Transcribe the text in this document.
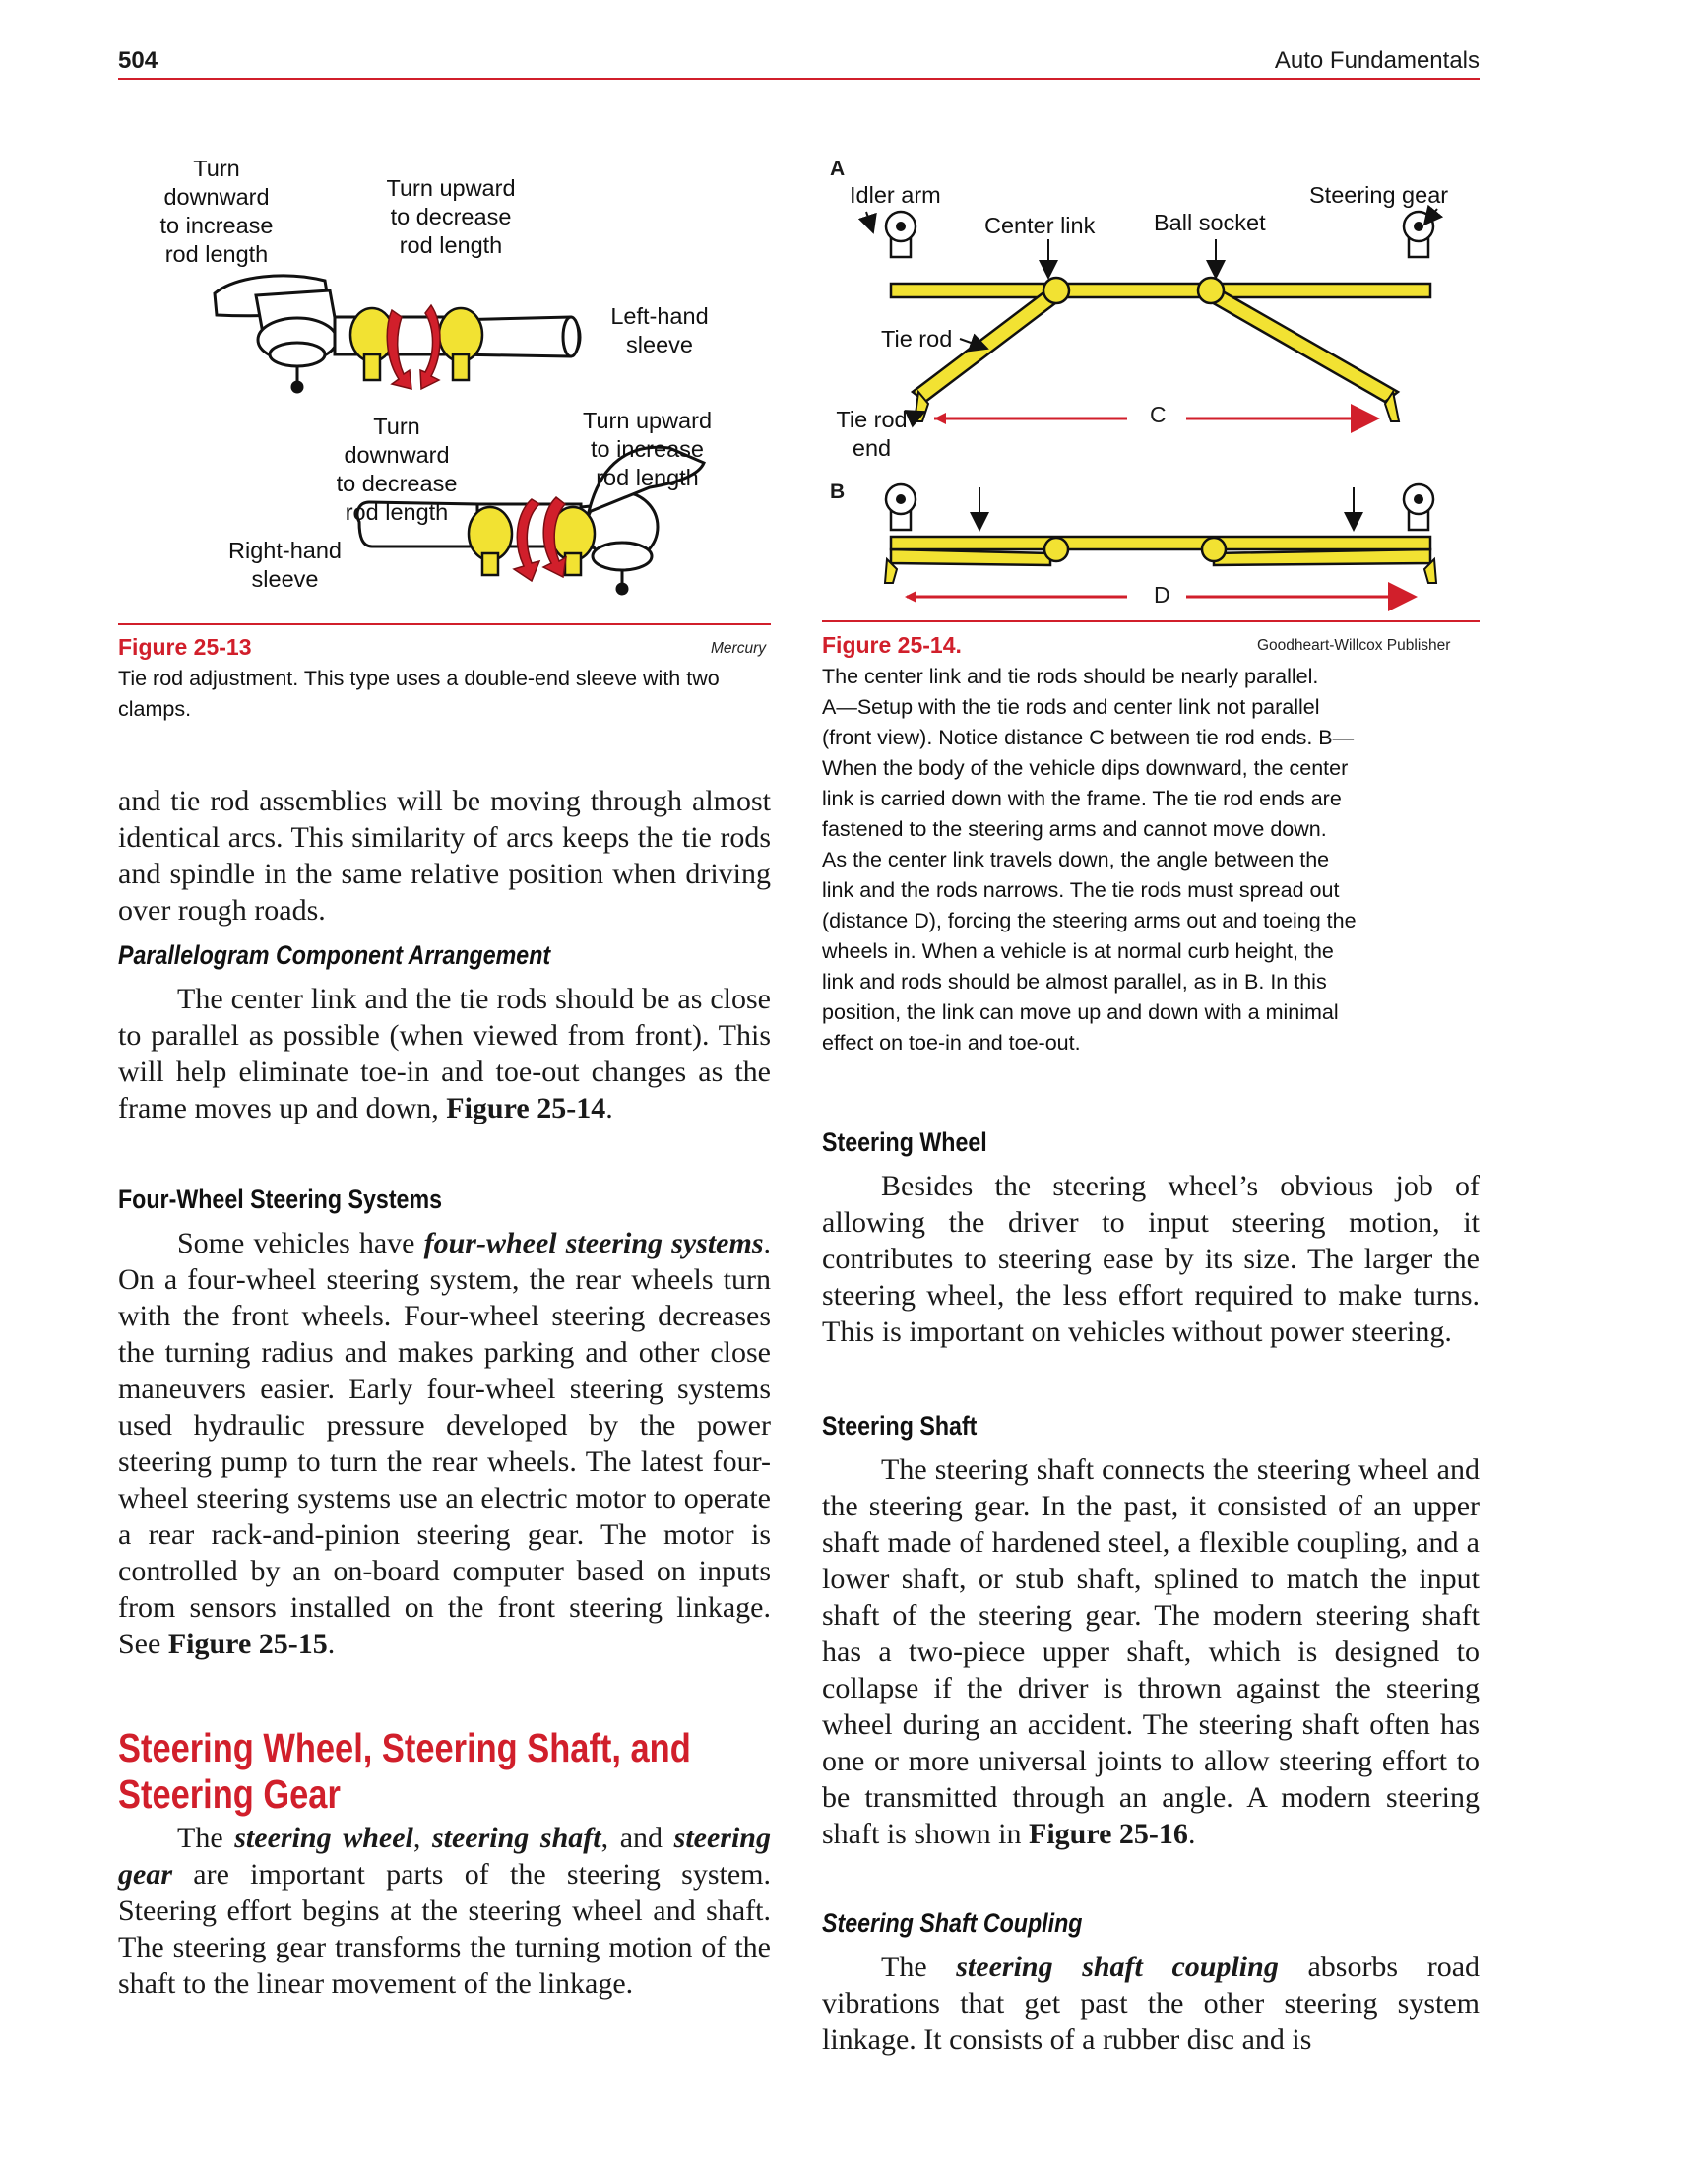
504	Auto Fundamentals
Turn
downward
to increase
rod length
Turn upward
to decrease
rod length
Left-hand
sleeve
Turn
downward
to decrease
rod length
Turn upward
to increase
rod length
Right-hand
sleeve
Figure 25-13	Mercury
Tie rod adjustment. This type uses a double-end sleeve with two clamps.
A
B
Idler arm
Center link	Ball socket
Steering gear
Tie rod
Tie rod
end
C
D
Figure 25-14.	Goodheart-Willcox Publisher
The center link and tie rods should be nearly parallel.
A—Setup with the tie rods and center link not parallel
(front view). Notice distance C between tie rod ends. B—
When the body of the vehicle dips downward, the center
link is carried down with the frame. The tie rod ends are
fastened to the steering arms and cannot move down.
As the center link travels down, the angle between the
link and the rods narrows. The tie rods must spread out
(distance D), forcing the steering arms out and toeing the
wheels in. When a vehicle is at normal curb height, the
link and rods should be almost parallel, as in B. In this
position, the link can move up and down with a minimal
effect on toe-in and toe-out.

and tie rod assemblies will be moving through almost identical arcs. This similarity of arcs keeps the tie rods and spindle in the same relative position when driving over rough roads.

Parallelogram Component Arrangement

The center link and the tie rods should be as close to parallel as possible (when viewed from front). This will help eliminate toe-in and toe-out changes as the frame moves up and down, Figure 25-14.

Four-Wheel Steering Systems

Some vehicles have four-wheel steering systems. On a four-wheel steering system, the rear wheels turn with the front wheels. Four-wheel steering decreases the turning radius and makes parking and other close maneuvers easier. Early four-wheel steering systems used hydraulic pressure developed by the power steering pump to turn the rear wheels. The latest four-wheel steering systems use an electric motor to operate a rear rack-and-pinion steering gear. The motor is controlled by an on-board computer based on inputs from sensors installed on the front steering linkage. See Figure 25-15.

Steering Wheel, Steering Shaft, and
Steering Gear

The steering wheel, steering shaft, and steering gear are important parts of the steering system. Steering effort begins at the steering wheel and shaft. The steering gear transforms the turning motion of the shaft to the linear movement of the linkage.

Steering Wheel

Besides the steering wheel’s obvious job of allowing the driver to input steering motion, it contributes to steering ease by its size. The larger the steering wheel, the less effort required to make turns. This is important on vehicles without power steering.

Steering Shaft

The steering shaft connects the steering wheel and the steering gear. In the past, it consisted of an upper shaft made of hardened steel, a flexible coupling, and a lower shaft, or stub shaft, splined to match the input shaft of the steering gear. The modern steering shaft has a two-piece upper shaft, which is designed to collapse if the driver is thrown against the steering wheel during an accident. The steering shaft often has one or more universal joints to allow steering effort to be transmitted through an angle. A modern steering shaft is shown in Figure 25-16.

Steering Shaft Coupling

The steering shaft coupling absorbs road vibrations that get past the other steering system linkage. It consists of a rubber disc and is
